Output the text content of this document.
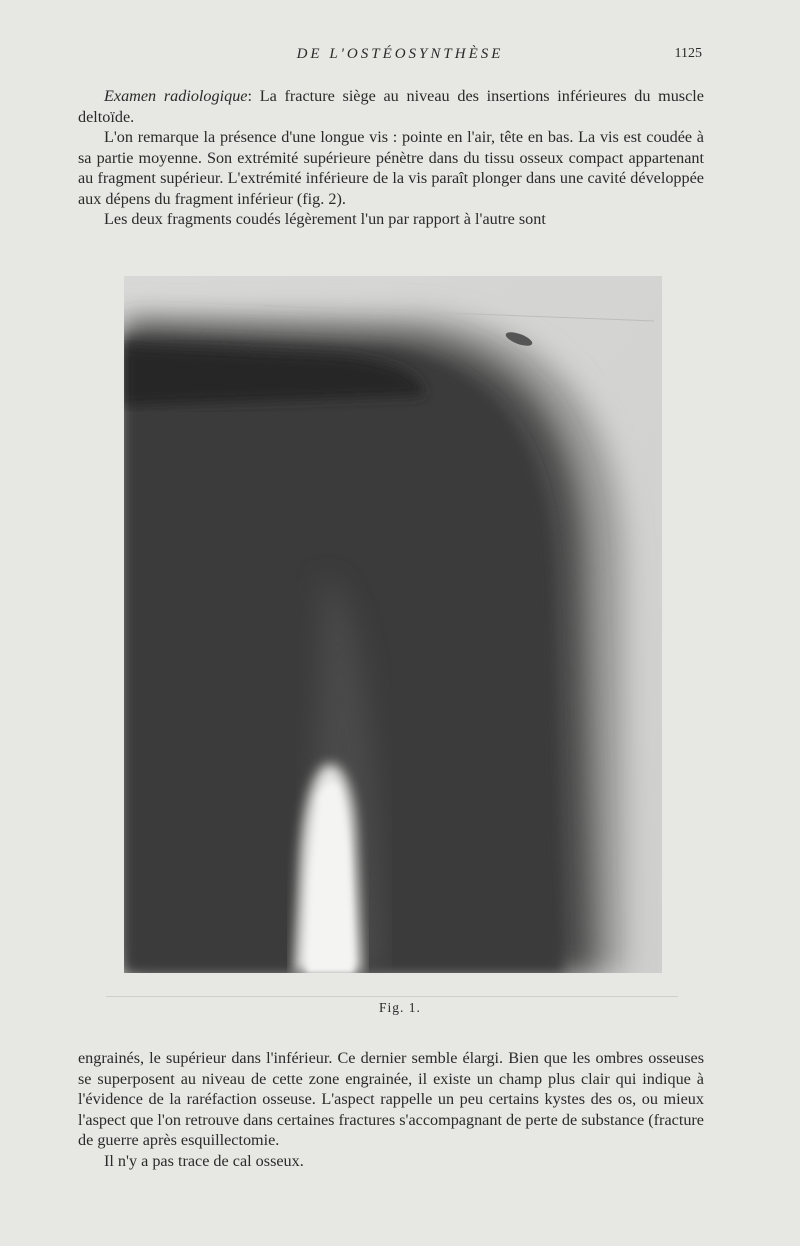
DE L'OSTÉOSYNTHÈSE	1125

Examen radiologique: La fracture siège au niveau des insertions inférieures du muscle deltoïde.

L'on remarque la présence d'une longue vis : pointe en l'air, tête en bas. La vis est coudée à sa partie moyenne. Son extrémité supérieure pénètre dans du tissu osseux compact appartenant au fragment supérieur. L'extrémité inférieure de la vis paraît plonger dans une cavité développée aux dépens du fragment inférieur (fig. 2).

Les deux fragments coudés légèrement l'un par rapport à l'autre sont

Fig. 1.

engrainés, le supérieur dans l'inférieur. Ce dernier semble élargi. Bien que les ombres osseuses se superposent au niveau de cette zone engrainée, il existe un champ plus clair qui indique à l'évidence de la raréfaction osseuse. L'aspect rappelle un peu certains kystes des os, ou mieux l'aspect que l'on retrouve dans certaines fractures s'accompagnant de perte de substance (fracture de guerre après esquillectomie.

Il n'y a pas trace de cal osseux.
